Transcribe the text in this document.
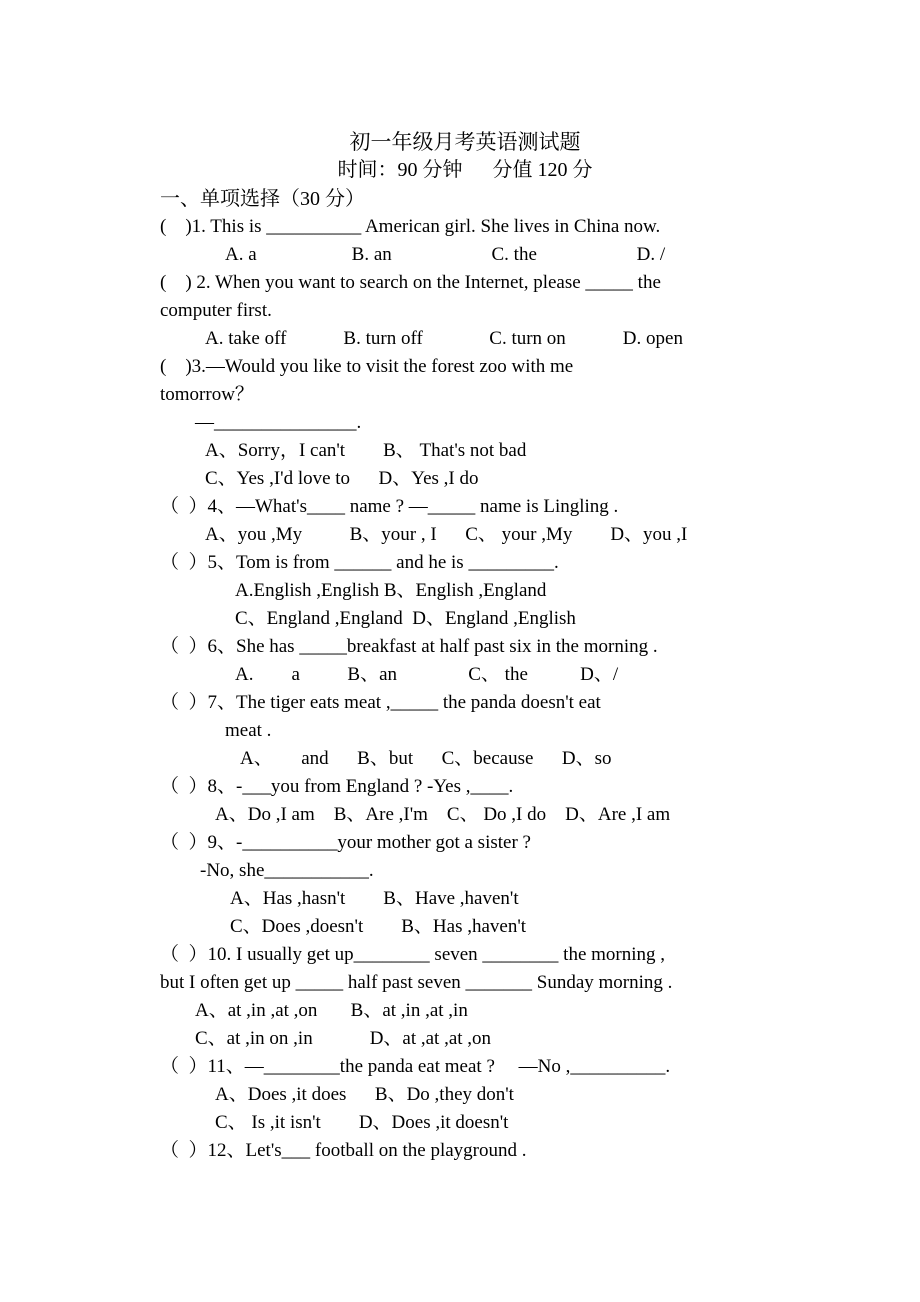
初一年级月考英语测试题

时间：90 分钟      分值 120 分

一、单项选择（30 分）

(    )1. This is __________ American girl. She lives in China now.

A. a                    B. an                     C. the                     D. /

(    ) 2. When you want to search on the Internet, please _____ the

computer first.

A. take off            B. turn off              C. turn on            D. open

(    )3.—Would you like to visit the forest zoo with me

tomorrow？

—_______________.

A、Sorry，I can't        B、 That's not bad

C、Yes ,I'd love to      D、Yes ,I do

（  ）4、—What's____ name ? —_____ name is Lingling .

A、you ,My          B、your , I      C、 your ,My        D、you ,I

（  ）5、Tom is from ______ and he is _________.

A.English ,English B、English ,England

C、England ,England  D、England ,English

（  ）6、She has _____breakfast at half past six in the morning .

A.        a          B、an               C、 the           D、/

（  ）7、The tiger eats meat ,_____ the panda doesn't eat

meat .

A、      and      B、but      C、because      D、so

（  ）8、-___you from England ? -Yes ,____.

A、Do ,I am    B、Are ,I'm    C、 Do ,I do    D、Are ,I am

（  ）9、-__________your mother got a sister ?

-No, she___________.

A、Has ,hasn't        B、Have ,haven't

C、Does ,doesn't        B、Has ,haven't

（  ）10. I usually get up________ seven ________ the morning ,

but I often get up _____ half past seven _______ Sunday morning .

A、at ,in ,at ,on       B、at ,in ,at ,in

C、at ,in on ,in            D、at ,at ,at ,on

（  ）11、—________the panda eat meat ?     —No ,__________.

A、Does ,it does      B、Do ,they don't

C、 Is ,it isn't        D、Does ,it doesn't

（  ）12、Let's___ football on the playground .
